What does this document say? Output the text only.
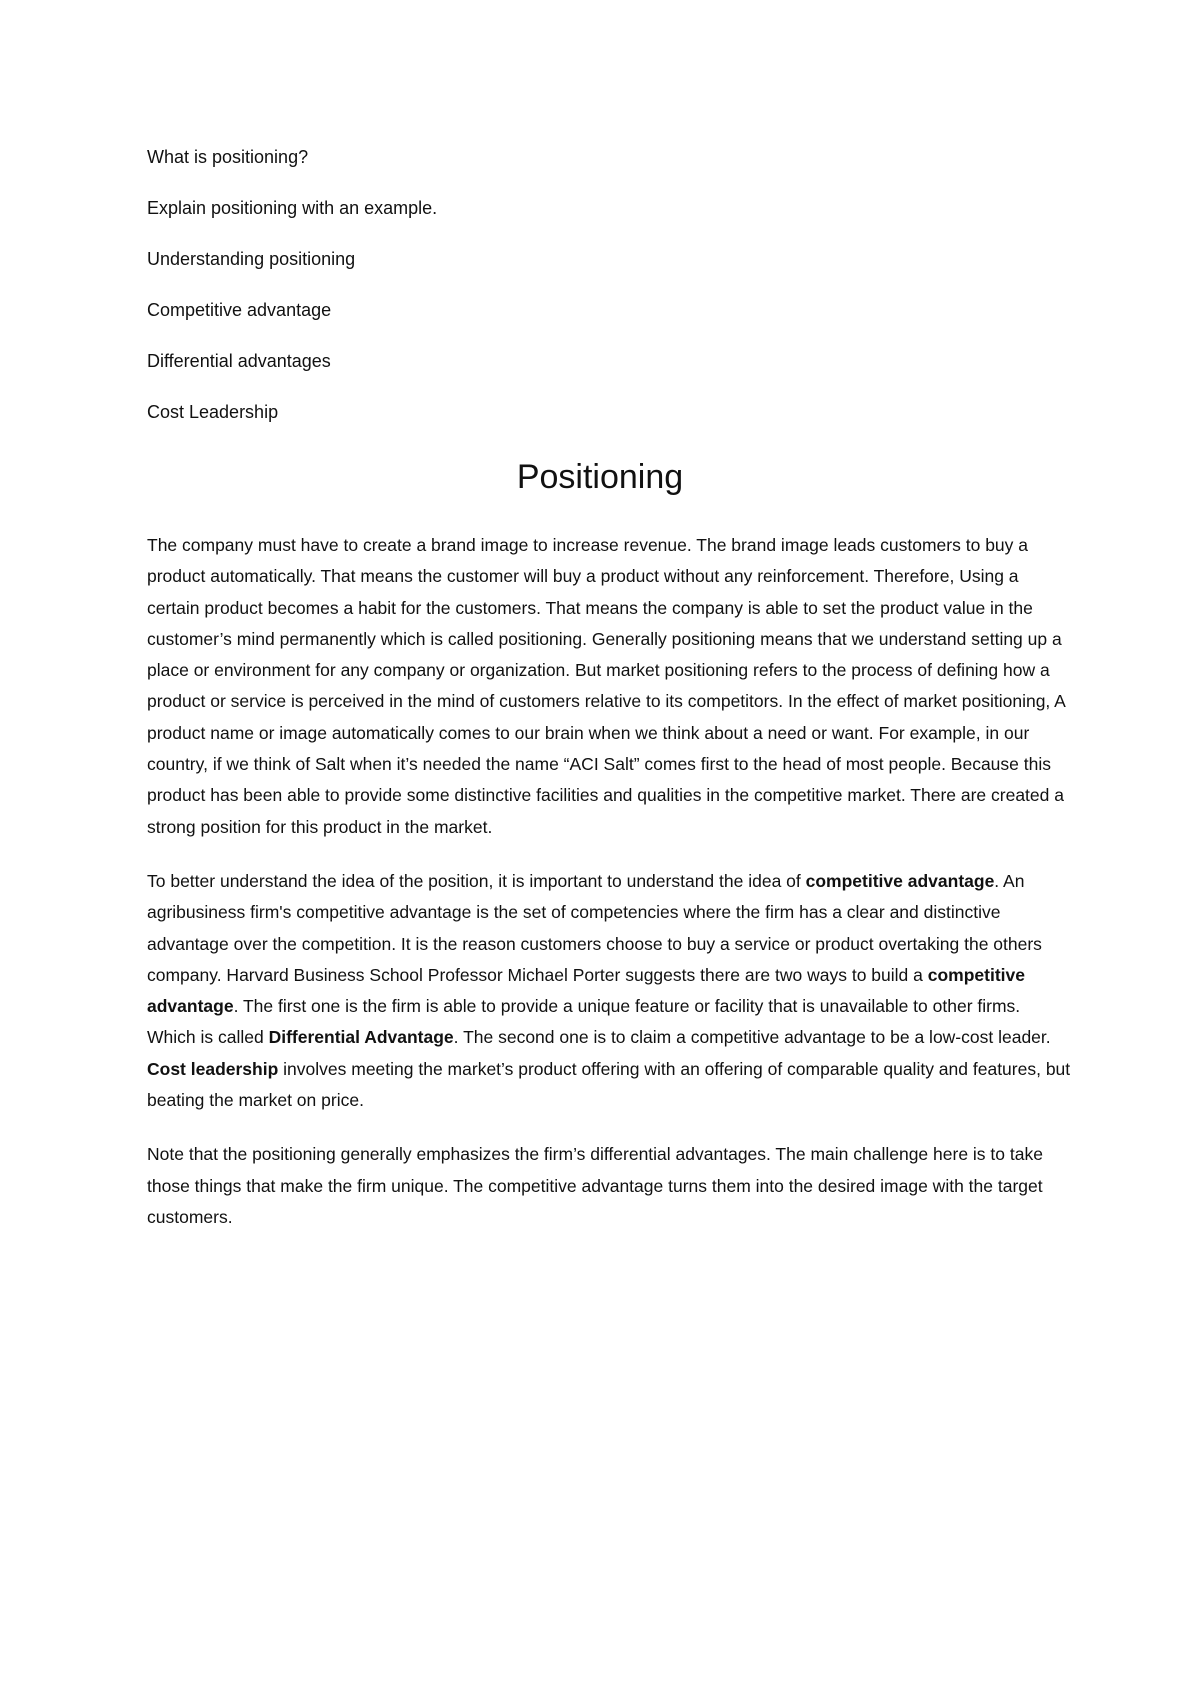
What is positioning?
Explain positioning with an example.
Understanding positioning
Competitive advantage
Differential advantages
Cost Leadership
Positioning

The company must have to create a brand image to increase revenue. The brand image leads customers to buy a product automatically. That means the customer will buy a product without any reinforcement. Therefore, Using a certain product becomes a habit for the customers. That means the company is able to set the product value in the customer’s mind permanently which is called positioning. Generally positioning means that we understand setting up a place or environment for any company or organization. But market positioning refers to the process of defining how a product or service is perceived in the mind of customers relative to its competitors. In the effect of market positioning, A product name or image automatically comes to our brain when we think about a need or want. For example, in our country, if we think of Salt when it’s needed the name “ACI Salt” comes first to the head of most people. Because this product has been able to provide some distinctive facilities and qualities in the competitive market. There are created a strong position for this product in the market.

To better understand the idea of the position, it is important to understand the idea of competitive advantage. An agribusiness firm's competitive advantage is the set of competencies where the firm has a clear and distinctive advantage over the competition. It is the reason customers choose to buy a service or product overtaking the others company. Harvard Business School Professor Michael Porter suggests there are two ways to build a competitive advantage. The first one is the firm is able to provide a unique feature or facility that is unavailable to other firms. Which is called Differential Advantage. The second one is to claim a competitive advantage to be a low-cost leader. Cost leadership involves meeting the market’s product offering with an offering of comparable quality and features, but beating the market on price.

Note that the positioning generally emphasizes the firm’s differential advantages. The main challenge here is to take those things that make the firm unique. The competitive advantage turns them into the desired image with the target customers.
